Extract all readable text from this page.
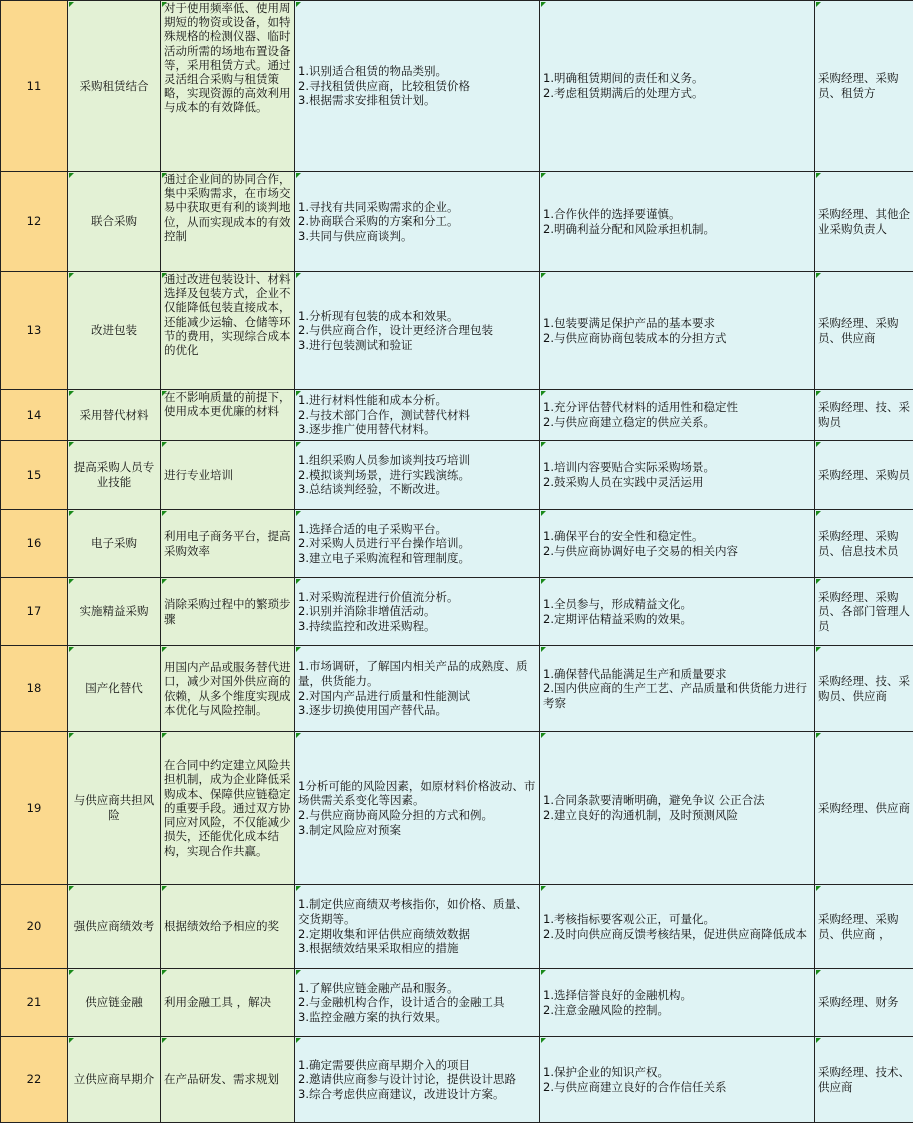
11	采购租赁结合	对于使用频率低、使用周期短的物资或设备，如特殊规格的检测仪器、临时活动所需的场地布置设备等，采用租赁方式。通过灵活组合采购与租赁策略，实现资源的高效利用与成本的有效降低。	1.识别适合租赁的物品类别。
2.寻找租赁供应商，比较租赁价格
3.根据需求安排租赁计划。	1.明确租赁期间的责任和义务。
2.考虑租赁期满后的处理方式。	采购经理、采购员、租赁方
12	联合采购	通过企业间的协同合作，集中采购需求，在市场交易中获取更有利的谈判地位，从而实现成本的有效控制	1.寻找有共同采购需求的企业。
2.协商联合采购的方案和分工。
3.共同与供应商谈判。	1.合作伙伴的选择要谨慎。
2.明确利益分配和风险承担机制。	采购经理、其他企业采购负责人
13	改进包装	通过改进包装设计、材料选择及包装方式，企业不仅能降低包装直接成本，还能减少运输、仓储等环节的费用，实现综合成本的优化	1.分析现有包装的成本和效果。
2.与供应商合作，设计更经济合理包装
3.进行包装测试和验证	1.包装要满足保护产品的基本要求
2.与供应商协商包装成本的分担方式	采购经理、采购员、供应商
14	采用替代材料	在不影响质量的前提下，使用成本更优廉的材料	1.进行材料性能和成本分析。
2.与技术部门合作，测试替代材料
3.逐步推广使用替代材料。	1.充分评估替代材料的适用性和稳定性
2.与供应商建立稳定的供应关系。	采购经理、技、采购员
15	提高采购人员专业技能	进行专业培训	1.组织采购人员参加谈判技巧培训
2.模拟谈判场景，进行实践演练。
3.总结谈判经验，不断改进。	1.培训内容要贴合实际采购场景。
2.鼓采购人员在实践中灵活运用	采购经理、采购员
16	电子采购	利用电子商务平台，提高采购效率	1.选择合适的电子采购平台。
2.对采购人员进行平台操作培训。
3.建立电子采购流程和管理制度。	1.确保平台的安全性和稳定性。
2.与供应商协调好电子交易的相关内容	采购经理、采购员、信息技术员
17	实施精益采购	消除采购过程中的繁琐步骤	1.对采购流程进行价值流分析。
2.识别并消除非增值活动。
3.持续监控和改进采购程。	1.全员参与，形成精益文化。
2.定期评估精益采购的效果。	采购经理、采购员、各部门管理人员
18	国产化替代	用国内产品或服务替代进口，减少对国外供应商的依赖，从多个维度实现成本优化与风险控制。	1.市场调研，了解国内相关产品的成熟度、质量，供货能力。
2.对国内产品进行质量和性能测试
3.逐步切换使用国产替代品。	1.确保替代品能满足生产和质量要求
2.国内供应商的生产工艺、产品质量和供货能力进行考察	采购经理、技、采购员、供应商
19	与供应商共担风险	在合同中约定建立风险共担机制，成为企业降低采购成本、保障供应链稳定的重要手段。通过双方协同应对风险，不仅能减少损失，还能优化成本结构，实现合作共赢。	1分析可能的风险因素，如原材料价格波动、市场供需关系变化等因素。
2.与供应商协商风险分担的方式和例。
3.制定风险应对预案	1.合同条款要清晰明确，避免争议 公正合法
2.建立良好的沟通机制，及时预测风险	采购经理、供应商
20	强供应商绩效考	根据绩效给予相应的奖	1.制定供应商绩双考核指你，如价格、质量、交货期等。
2.定期收集和评估供应商绩效数据
3.根据绩效结果采取相应的措施	1.考核指标要客观公正，可量化。
2.及时向供应商反馈考核结果，促进供应商降低成本	采购经理、采购员、供应商 ，
21	供应链金融	利用金融工具 ，解决	1.了解供应链金融产品和服务。
2.与金融机构合作，设计适合的金融工具
3.监控金融方案的执行效果。	1.选择信誉良好的金融机构。
2.注意金融风险的控制。	采购经理、财务
22	立供应商早期介	在产品研发、需求规划	1.确定需要供应商早期介入的项目
2.邀请供应商参与设计讨论，提供设计思路
3.综合考虑供应商建议，改进设计方案。	1.保护企业的知识产权。
2.与供应商建立良好的合作信任关系	采购经理、技术、供应商
